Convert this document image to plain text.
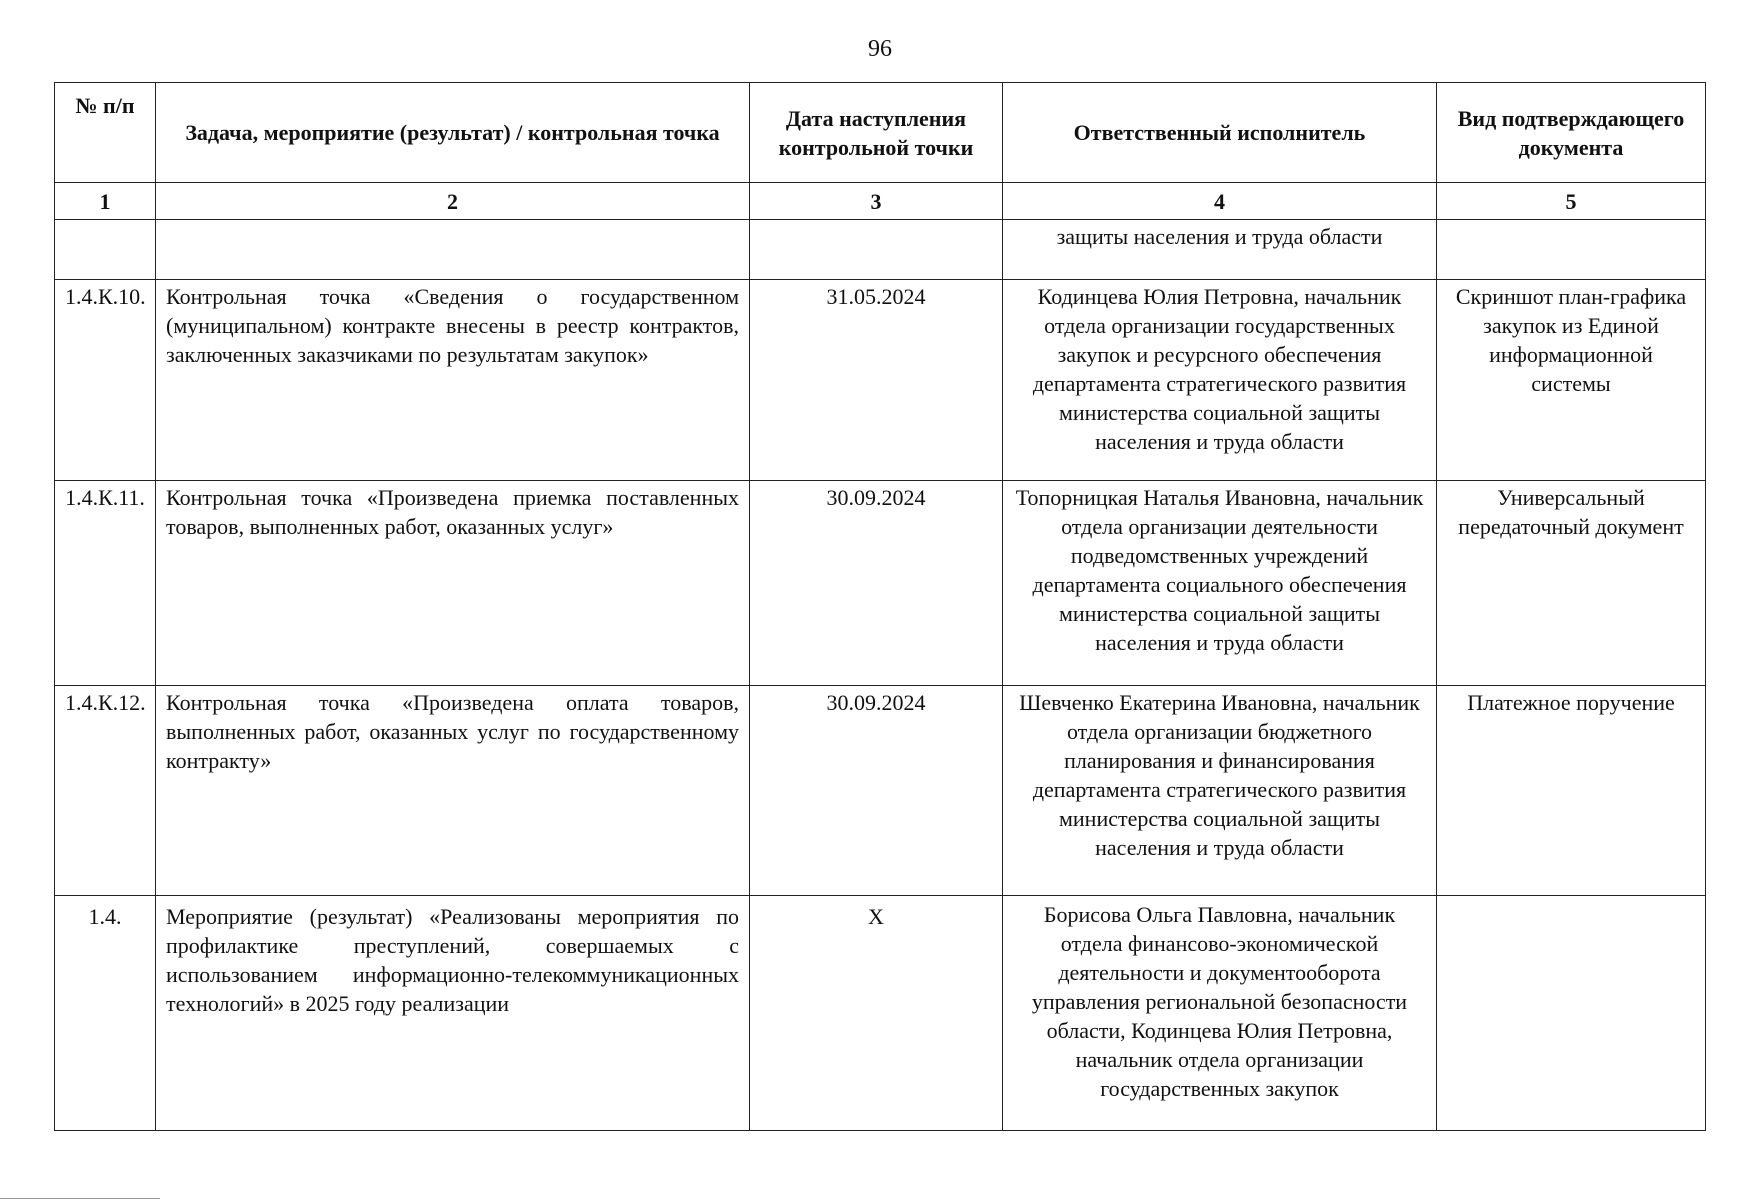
96
№ п/п	Задача, мероприятие (результат) / контрольная точка	Дата наступления контрольной точки	Ответственный исполнитель	Вид подтверждающего документа
1	2	3	4	5
			защиты населения и труда области	
1.4.К.10.	Контрольная точка «Сведения о государственном (муниципальном) контракте внесены в реестр контрактов, заключенных заказчиками по результатам закупок»	31.05.2024	Кодинцева Юлия Петровна, начальник отдела организации государственных закупок и ресурсного обеспечения департамента стратегического развития министерства социальной защиты населения и труда области	Скриншот план-графика закупок из Единой информационной системы
1.4.К.11.	Контрольная точка «Произведена приемка поставленных товаров, выполненных работ, оказанных услуг»	30.09.2024	Топорницкая Наталья Ивановна, начальник отдела организации деятельности подведомственных учреждений департамента социального обеспечения министерства социальной защиты населения и труда области	Универсальный передаточный документ
1.4.К.12.	Контрольная точка «Произведена оплата товаров, выполненных работ, оказанных услуг по государственному контракту»	30.09.2024	Шевченко Екатерина Ивановна, начальник отдела организации бюджетного планирования и финансирования департамента стратегического развития министерства социальной защиты населения и труда области	Платежное поручение
1.4.	Мероприятие (результат) «Реализованы мероприятия по профилактике преступлений, совершаемых с использованием информационно-телекоммуникационных технологий» в 2025 году реализации	Х	Борисова Ольга Павловна, начальник отдела финансово-экономической деятельности и документооборота управления региональной безопасности области, Кодинцева Юлия Петровна, начальник отдела организации государственных закупок	
